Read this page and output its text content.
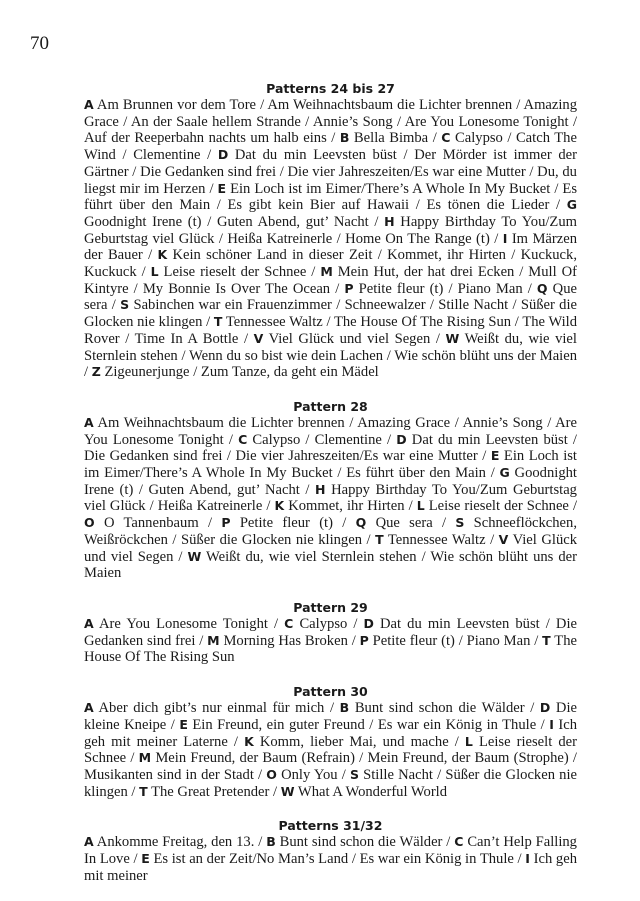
70
Patterns 24 bis 27
A Am Brunnen vor dem Tore / Am Weihnachtsbaum die Lichter brennen / Amazing Grace / An der Saale hellem Strande / Annie’s Song / Are You Lonesome Tonight / Auf der Reeperbahn nachts um halb eins / B Bella Bimba / C Calypso / Catch The Wind / Clementine / D Dat du min Leevsten büst / Der Mörder ist immer der Gärtner / Die Gedanken sind frei / Die vier Jahreszeiten/Es war eine Mutter / Du, du liegst mir im Herzen / E Ein Loch ist im Eimer/There’s A Whole In My Bucket / Es führt über den Main / Es gibt kein Bier auf Hawaii / Es tönen die Lieder / G Goodnight Irene (t) / Guten Abend, gut’ Nacht / H Happy Birthday To You/Zum Geburtstag viel Glück / Heißa Katreinerle / Home On The Range (t) / I Im Märzen der Bauer / K Kein schöner Land in dieser Zeit / Kommet, ihr Hirten / Kuckuck, Kuckuck / L Leise rieselt der Schnee / M Mein Hut, der hat drei Ecken / Mull Of Kintyre / My Bonnie Is Over The Ocean / P Petite fleur (t) / Piano Man / Q Que sera / S Sabinchen war ein Frauenzimmer / Schneewalzer / Stille Nacht / Süßer die Glocken nie klingen / T Tennessee Waltz / The House Of The Rising Sun / The Wild Rover / Time In A Bottle / V Viel Glück und viel Segen / W Weißt du, wie viel Sternlein stehen / Wenn du so bist wie dein Lachen / Wie schön blüht uns der Maien / Z Zigeunerjunge / Zum Tanze, da geht ein Mädel
Pattern 28
A Am Weihnachtsbaum die Lichter brennen / Amazing Grace / Annie’s Song / Are You Lonesome Tonight / C Calypso / Clementine / D Dat du min Leevsten büst / Die Gedanken sind frei / Die vier Jahreszeiten/Es war eine Mutter / E Ein Loch ist im Eimer/There’s A Whole In My Bucket / Es führt über den Main / G Goodnight Irene (t) / Guten Abend, gut’ Nacht / H Happy Birthday To You/Zum Geburtstag viel Glück / Heißa Katreinerle / K Kommet, ihr Hirten / L Leise rieselt der Schnee / O O Tannenbaum / P Petite fleur (t) / Q Que sera / S Schneeflöckchen, Weißröckchen / Süßer die Glocken nie klingen / T Tennessee Waltz / V Viel Glück und viel Segen / W Weißt du, wie viel Sternlein stehen / Wie schön blüht uns der Maien
Pattern 29
A Are You Lonesome Tonight / C Calypso / D Dat du min Leevsten büst / Die Gedanken sind frei / M Morning Has Broken / P Petite fleur (t) / Piano Man / T The House Of The Rising Sun
Pattern 30
A Aber dich gibt’s nur einmal für mich / B Bunt sind schon die Wälder / D Die kleine Kneipe / E Ein Freund, ein guter Freund / Es war ein König in Thule / I Ich geh mit meiner Laterne / K Komm, lieber Mai, und mache / L Leise rieselt der Schnee / M Mein Freund, der Baum (Refrain) / Mein Freund, der Baum (Strophe) / Musikanten sind in der Stadt / O Only You / S Stille Nacht / Süßer die Glocken nie klingen / T The Great Pretender / W What A Wonderful World
Patterns 31/32
A Ankomme Freitag, den 13. / B Bunt sind schon die Wälder / C Can’t Help Falling In Love / E Es ist an der Zeit/No Man’s Land / Es war ein König in Thule / I Ich geh mit meiner
